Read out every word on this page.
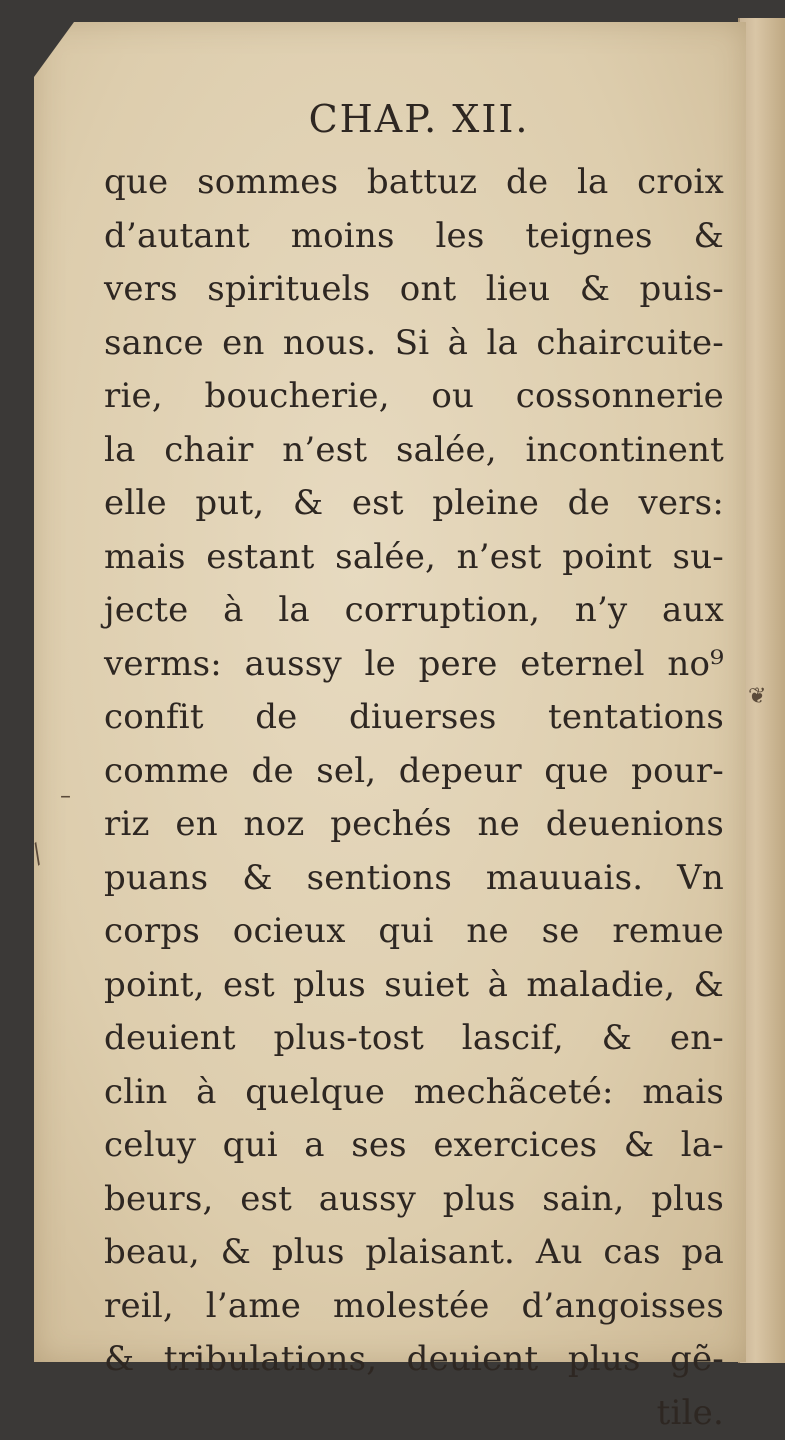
CHAP. XII.
que sommes battuz de la croix
d’autant moins les teignes &
vers spirituels ont lieu & puis-
sance en nous. Si à la chaircuite-
rie, boucherie, ou cossonnerie
la chair n’est salée, incontinent
elle put, & est pleine de vers:
mais estant salée, n’est point su-
jecte à la corruption, n’y aux
verms: aussy le pere eternel no⁹
confit de diuerses tentations
comme de sel, depeur que pour-
riz en noz pechés ne deuenions
puans & sentions mauuais. Vn
corps ocieux qui ne se remue
point, est plus suiet à maladie, &
deuient plus-tost lascif, & en-
clin à quelque mechãceté: mais
celuy qui a ses exercices & la-
beurs, est aussy plus sain, plus
beau, & plus plaisant. Au cas pa
reil, l’ame molestée d’angoisses
& tribulations, deuient plus gẽ-
tile.
❦
–
⁄
